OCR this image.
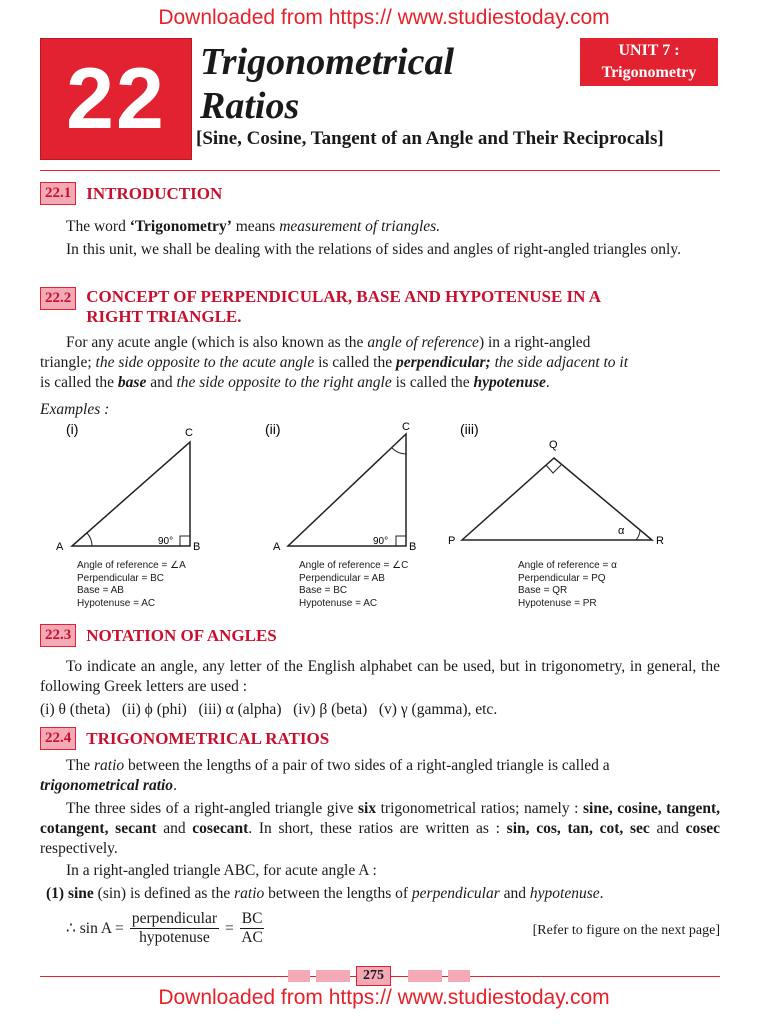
Downloaded from https:// www.studiestoday.com
22 Trigonometrical
Ratios
UNIT 7 :
Trigonometry
[Sine, Cosine, Tangent of an Angle and Their Reciprocals]
22.1 INTRODUCTION
The word ‘Trigonometry’ means measurement of triangles.
In this unit, we shall be dealing with the relations of sides and angles of right-angled triangles only.
22.2 CONCEPT OF PERPENDICULAR, BASE AND HYPOTENUSE IN A
RIGHT TRIANGLE.
For any acute angle (which is also known as the angle of reference) in a right-angled
triangle; the side opposite to the acute angle is called the perpendicular; the side adjacent to it
is called the base and the side opposite to the right angle is called the hypotenuse.
Examples :
(i)
90°
A	B
C	(ii)
90°
A	B
C	(iii)
α
P
Q
R
Angle of reference = ∠A
Perpendicular = BC
Base = AB
Hypotenuse = AC
Angle of reference = ∠C
Perpendicular = AB
Base = BC
Hypotenuse = AC
Angle of reference = α
Perpendicular = PQ
Base = QR
Hypotenuse = PR
22.3 NOTATION OF ANGLES
To indicate an angle, any letter of the English alphabet can be used, but in trigonometry, in general, the following Greek letters are used :
(i) θ (theta)   (ii) ϕ (phi)   (iii) α (alpha)   (iv) β (beta)   (v) γ (gamma), etc.
22.4 TRIGONOMETRICAL RATIOS
The ratio between the lengths of a pair of two sides of a right-angled triangle is called a
trigonometrical ratio.
The three sides of a right-angled triangle give six trigonometrical ratios; namely : sine, cosine, tangent, cotangent, secant and cosecant. In short, these ratios are written as : sin, cos, tan, cot, sec and cosec respectively.
In a right-angled triangle ABC, for acute angle A :
(1) sine (sin) is defined as the ratio between the lengths of perpendicular and hypotenuse.
∴ sin A =
perpendicular
hypotenuse
= $\frac{BC}{AC}$	[Refer to figure on the next page]
275
Downloaded from https:// www.studiestoday.com
